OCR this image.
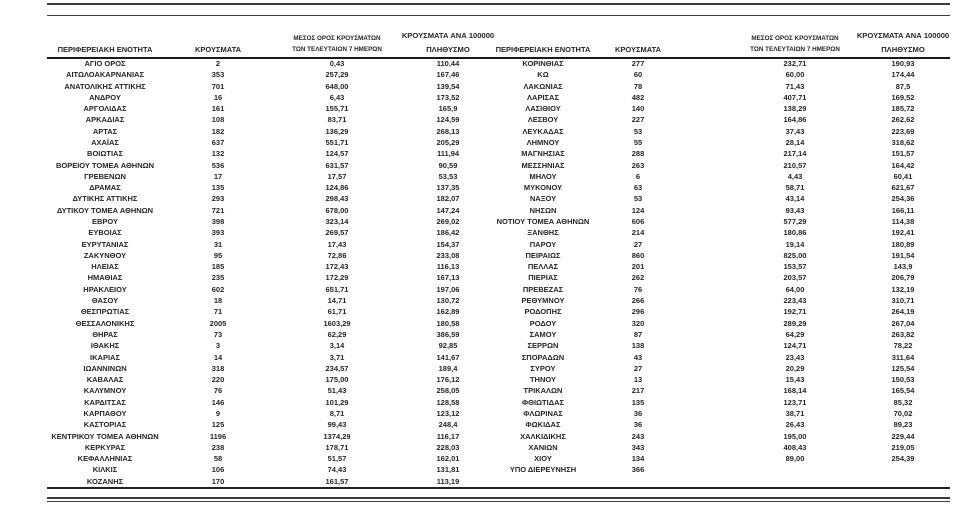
ΠΕΡΙΦΕΡΕΙΑΚΗ ΕΝΟΤΗΤΑ	ΚΡΟΥΣΜΑΤΑ
ΜΕΣΟΣ ΟΡΟΣ ΚΡΟΥΣΜΑΤΩΝ
ΤΩΝ ΤΕΛΕΥΤΑΙΩΝ 7 ΗΜΕΡΩΝ
ΚΡΟΥΣΜΑΤΑ ΑΝΑ 100000
ΠΛΗΘΥΣΜΟ	ΠΕΡΙΦΕΡΕΙΑΚΗ ΕΝΟΤΗΤΑ	ΚΡΟΥΣΜΑΤΑ
ΜΕΣΟΣ ΟΡΟΣ ΚΡΟΥΣΜΑΤΩΝ
ΤΩΝ ΤΕΛΕΥΤΑΙΩΝ 7 ΗΜΕΡΩΝ
ΚΡΟΥΣΜΑΤΑ ΑΝΑ 100000
ΠΛΗΘΥΣΜΟ
ΑΓΙΟ ΟΡΟΣ	2	0,43	110,44
ΑΙΤΩΛΟΑΚΑΡΝΑΝΙΑΣ	353	257,29	167,46
ΑΝΑΤΟΛΙΚΗΣ ΑΤΤΙΚΗΣ	701	648,00	139,54
ΑΝΔΡΟΥ	16	6,43	173,52
ΑΡΓΟΛΙΔΑΣ	161	155,71	165,9
ΑΡΚΑΔΙΑΣ	108	83,71	124,59
ΑΡΤΑΣ	182	136,29	268,13
ΑΧΑΪΑΣ	637	551,71	205,29
ΒΟΙΩΤΙΑΣ	132	124,57	111,94
ΒΟΡΕΙΟΥ ΤΟΜΕΑ ΑΘΗΝΩΝ	536	631,57	90,59
ΓΡΕΒΕΝΩΝ	17	17,57	53,53
ΔΡΑΜΑΣ	135	124,86	137,35
ΔΥΤΙΚΗΣ ΑΤΤΙΚΗΣ	293	298,43	182,07
ΔΥΤΙΚΟΥ ΤΟΜΕΑ ΑΘΗΝΩΝ	721	678,00	147,24
ΕΒΡΟΥ	398	323,14	269,02
ΕΥΒΟΙΑΣ	393	269,57	186,42
ΕΥΡΥΤΑΝΙΑΣ	31	17,43	154,37
ΖΑΚΥΝΘΟΥ	95	72,86	233,08
ΗΛΕΙΑΣ	185	172,43	116,13
ΗΜΑΘΙΑΣ	235	172,29	167,13
ΗΡΑΚΛΕΙΟΥ	602	651,71	197,06
ΘΑΣΟΥ	18	14,71	130,72
ΘΕΣΠΡΩΤΙΑΣ	71	61,71	162,89
ΘΕΣΣΑΛΟΝΙΚΗΣ	2005	1603,29	180,58
ΘΗΡΑΣ	73	62,29	386,59
ΙΘΑΚΗΣ	3	3,14	92,85
ΙΚΑΡΙΑΣ	14	3,71	141,67
ΙΩΑΝΝΙΝΩΝ	318	234,57	189,4
ΚΑΒΑΛΑΣ	220	175,00	176,12
ΚΑΛΥΜΝΟΥ	76	51,43	258,05
ΚΑΡΔΙΤΣΑΣ	146	101,29	128,58
ΚΑΡΠΑΘΟΥ	9	8,71	123,12
ΚΑΣΤΟΡΙΑΣ	125	99,43	248,4
ΚΕΝΤΡΙΚΟΥ ΤΟΜΕΑ ΑΘΗΝΩΝ	1196	1374,29	116,17
ΚΕΡΚΥΡΑΣ	238	178,71	228,03
ΚΕΦΑΛΛΗΝΙΑΣ	58	51,57	162,01
ΚΙΛΚΙΣ	106	74,43	131,81
ΚΟΖΑΝΗΣ	170	161,57	113,19
ΚΟΡΙΝΘΙΑΣ	277	232,71	190,93
ΚΩ	60	60,00	174,44
ΛΑΚΩΝΙΑΣ	78	71,43	87,5
ΛΑΡΙΣΑΣ	482	407,71	169,52
ΛΑΣΙΘΙΟΥ	140	138,29	185,72
ΛΕΣΒΟΥ	227	164,86	262,62
ΛΕΥΚΑΔΑΣ	53	37,43	223,69
ΛΗΜΝΟΥ	55	28,14	318,62
ΜΑΓΝΗΣΙΑΣ	288	217,14	151,57
ΜΕΣΣΗΝΙΑΣ	263	210,57	164,42
ΜΗΛΟΥ	6	4,43	60,41
ΜΥΚΟΝΟΥ	63	58,71	621,67
ΝΑΞΟΥ	53	43,14	254,36
ΝΗΣΩΝ	124	93,43	166,11
ΝΟΤΙΟΥ ΤΟΜΕΑ ΑΘΗΝΩΝ	606	577,29	114,38
ΞΑΝΘΗΣ	214	180,86	192,41
ΠΑΡΟΥ	27	19,14	180,89
ΠΕΙΡΑΙΩΣ	860	825,00	191,54
ΠΕΛΛΑΣ	201	153,57	143,9
ΠΙΕΡΙΑΣ	262	203,57	206,79
ΠΡΕΒΕΖΑΣ	76	64,00	132,19
ΡΕΘΥΜΝΟΥ	266	223,43	310,71
ΡΟΔΟΠΗΣ	296	192,71	264,19
ΡΟΔΟΥ	320	289,29	267,04
ΣΑΜΟΥ	87	64,29	263,82
ΣΕΡΡΩΝ	138	124,71	78,22
ΣΠΟΡΑΔΩΝ	43	23,43	311,64
ΣΥΡΟΥ	27	20,29	125,54
ΤΗΝΟΥ	13	15,43	150,53
ΤΡΙΚΑΛΩΝ	217	168,14	165,54
ΦΘΙΩΤΙΔΑΣ	135	123,71	85,32
ΦΛΩΡΙΝΑΣ	36	38,71	70,02
ΦΩΚΙΔΑΣ	36	26,43	89,23
ΧΑΛΚΙΔΙΚΗΣ	243	195,00	229,44
ΧΑΝΙΩΝ	343	408,43	219,05
ΧΙΟΥ	134	89,00	254,39
ΥΠΟ ΔΙΕΡΕΥΝΗΣΗ	366
